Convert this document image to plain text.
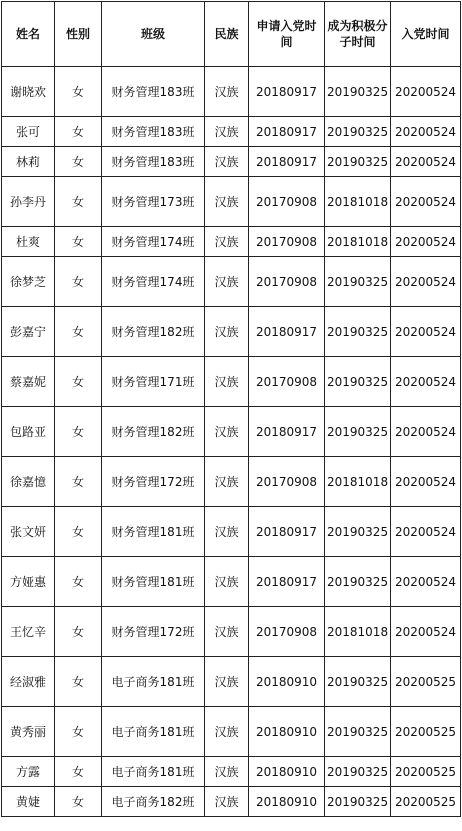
姓名	性别	班级	民族	申请入党时间	成为积极分子时间	入党时间
谢晓欢	女	财务管理183班	汉族	20180917	20190325	20200524
张可	女	财务管理183班	汉族	20180917	20190325	20200524
林莉	女	财务管理183班	汉族	20180917	20190325	20200524
孙李丹	女	财务管理173班	汉族	20170908	20181018	20200524
杜爽	女	财务管理174班	汉族	20170908	20181018	20200524
徐梦芝	女	财务管理174班	汉族	20170908	20190325	20200524
彭嘉宁	女	财务管理182班	汉族	20180917	20190325	20200524
蔡嘉妮	女	财务管理171班	汉族	20170908	20190325	20200524
包路亚	女	财务管理182班	汉族	20180917	20190325	20200524
徐嘉憶	女	财务管理172班	汉族	20170908	20181018	20200524
张文妍	女	财务管理181班	汉族	20180917	20190325	20200524
方娅惠	女	财务管理181班	汉族	20180917	20190325	20200524
王忆辛	女	财务管理172班	汉族	20170908	20181018	20200524
经淑雅	女	电子商务181班	汉族	20180910	20190325	20200525
黄秀丽	女	电子商务181班	汉族	20180910	20190325	20200525
方露	女	电子商务181班	汉族	20180910	20190325	20200525
黄婕	女	电子商务182班	汉族	20180910	20190325	20200525
